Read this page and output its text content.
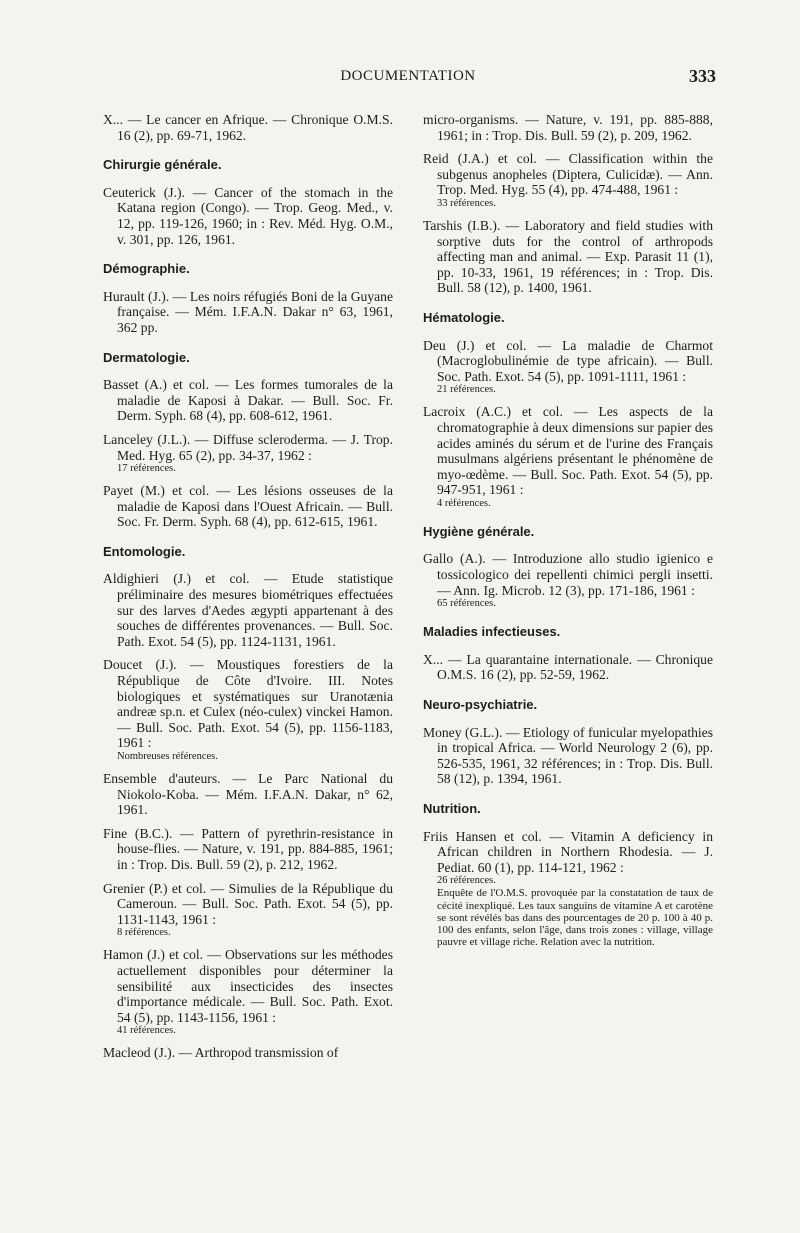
DOCUMENTATION	333
X... — Le cancer en Afrique. — Chronique O.M.S. 16 (2), pp. 69-71, 1962.
Chirurgie générale.
Ceuterick (J.). — Cancer of the stomach in the Katana region (Congo). — Trop. Geog. Med., v. 12, pp. 119-126, 1960; in : Rev. Méd. Hyg. O.M., v. 301, pp. 126, 1961.
Démographie.
Hurault (J.). — Les noirs réfugiés Boni de la Guyane française. — Mém. I.F.A.N. Dakar n° 63, 1961, 362 pp.
Dermatologie.
Basset (A.) et col. — Les formes tumorales de la maladie de Kaposi à Dakar. — Bull. Soc. Fr. Derm. Syph. 68 (4), pp. 608-612, 1961.
Lanceley (J.L.). — Diffuse scleroderma. — J. Trop. Med. Hyg. 65 (2), pp. 34-37, 1962 :
17 références.
Payet (M.) et col. — Les lésions osseuses de la maladie de Kaposi dans l'Ouest Africain. — Bull. Soc. Fr. Derm. Syph. 68 (4), pp. 612-615, 1961.
Entomologie.
Aldighieri (J.) et col. — Etude statistique préliminaire des mesures biométriques effectuées sur des larves d'Aedes ægypti appartenant à des souches de différentes provenances. — Bull. Soc. Path. Exot. 54 (5), pp. 1124-1131, 1961.
Doucet (J.). — Moustiques forestiers de la République de Côte d'Ivoire. III. Notes biologiques et systématiques sur Uranotænia andreæ sp.n. et Culex (néo-culex) vinckei Hamon. — Bull. Soc. Path. Exot. 54 (5), pp. 1156-1183, 1961 :
Nombreuses références.
Ensemble d'auteurs. — Le Parc National du Niokolo-Koba. — Mém. I.F.A.N. Dakar, n° 62, 1961.
Fine (B.C.). — Pattern of pyrethrin-resistance in house-flies. — Nature, v. 191, pp. 884-885, 1961; in : Trop. Dis. Bull. 59 (2), p. 212, 1962.
Grenier (P.) et col. — Simulies de la République du Cameroun. — Bull. Soc. Path. Exot. 54 (5), pp. 1131-1143, 1961 :
8 références.
Hamon (J.) et col. — Observations sur les méthodes actuellement disponibles pour déterminer la sensibilité aux insecticides des insectes d'importance médicale. — Bull. Soc. Path. Exot. 54 (5), pp. 1143-1156, 1961 :
41 références.
Macleod (J.). — Arthropod transmission of
micro-organisms. — Nature, v. 191, pp. 885-888, 1961; in : Trop. Dis. Bull. 59 (2), p. 209, 1962.
Reid (J.A.) et col. — Classification within the subgenus anopheles (Diptera, Culicidæ). — Ann. Trop. Med. Hyg. 55 (4), pp. 474-488, 1961 :
33 références.
Tarshis (I.B.). — Laboratory and field studies with sorptive duts for the control of arthropods affecting man and animal. — Exp. Parasit 11 (1), pp. 10-33, 1961, 19 références; in : Trop. Dis. Bull. 58 (12), p. 1400, 1961.
Hématologie.
Deu (J.) et col. — La maladie de Charmot (Macroglobulinémie de type africain). — Bull. Soc. Path. Exot. 54 (5), pp. 1091-1111, 1961 :
21 références.
Lacroix (A.C.) et col. — Les aspects de la chromatographie à deux dimensions sur papier des acides aminés du sérum et de l'urine des Français musulmans algériens présentant le phénomène de myo-œdème. — Bull. Soc. Path. Exot. 54 (5), pp. 947-951, 1961 :
4 références.
Hygiène générale.
Gallo (A.). — Introduzione allo studio igienico e tossicologico dei repellenti chimici pergli insetti. — Ann. Ig. Microb. 12 (3), pp. 171-186, 1961 :
65 références.
Maladies infectieuses.
X... — La quarantaine internationale. — Chronique O.M.S. 16 (2), pp. 52-59, 1962.
Neuro-psychiatrie.
Money (G.L.). — Etiology of funicular myelopathies in tropical Africa. — World Neurology 2 (6), pp. 526-535, 1961, 32 références; in : Trop. Dis. Bull. 58 (12), p. 1394, 1961.
Nutrition.
Friis Hansen et col. — Vitamin A deficiency in African children in Northern Rhodesia. — J. Pediat. 60 (1), pp. 114-121, 1962 :
26 références.
Enquête de l'O.M.S. provoquée par la constatation de taux de cécité inexpliqué. Les taux sanguins de vitamine A et carotène se sont révélés bas dans des pourcentages de 20 p. 100 à 40 p. 100 des enfants, selon l'âge, dans trois zones : village, village pauvre et village riche. Relation avec la nutrition.
